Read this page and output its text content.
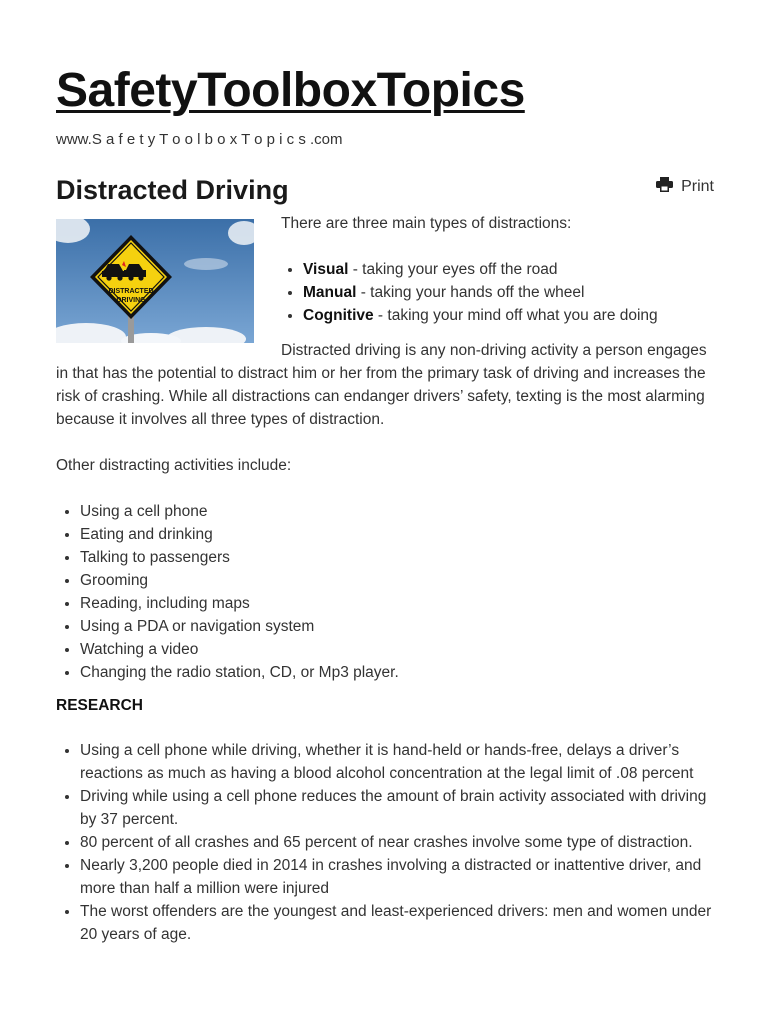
SafetyToolboxTopics
www.S a f e t y T o o l b o x T o p i c s .com
Distracted Driving	Print
DISTRACTED
DRIVING

There are three main types of distractions:

• Visual - taking your eyes off the road
• Manual - taking your hands off the wheel
• Cognitive - taking your mind off what you are doing

Distracted driving is any non-driving activity a person engages in that has the potential to distract him or her from the primary task of driving and increases the risk of crashing. While all distractions can endanger drivers’ safety, texting is the most alarming because it involves all three types of distraction.

Other distracting activities include:

• Using a cell phone
• Eating and drinking
• Talking to passengers
• Grooming
• Reading, including maps
• Using a PDA or navigation system
• Watching a video
• Changing the radio station, CD, or Mp3 player.
RESEARCH
• Using a cell phone while driving, whether it is hand-held or hands-free, delays a driver’s reactions as much as having a blood alcohol concentration at the legal limit of .08 percent
• Driving while using a cell phone reduces the amount of brain activity associated with driving by 37 percent.
• 80 percent of all crashes and 65 percent of near crashes involve some type of distraction.
• Nearly 3,200 people died in 2014 in crashes involving a distracted or inattentive driver, and more than half a million were injured
• The worst offenders are the youngest and least-experienced drivers: men and women under 20 years of age.
